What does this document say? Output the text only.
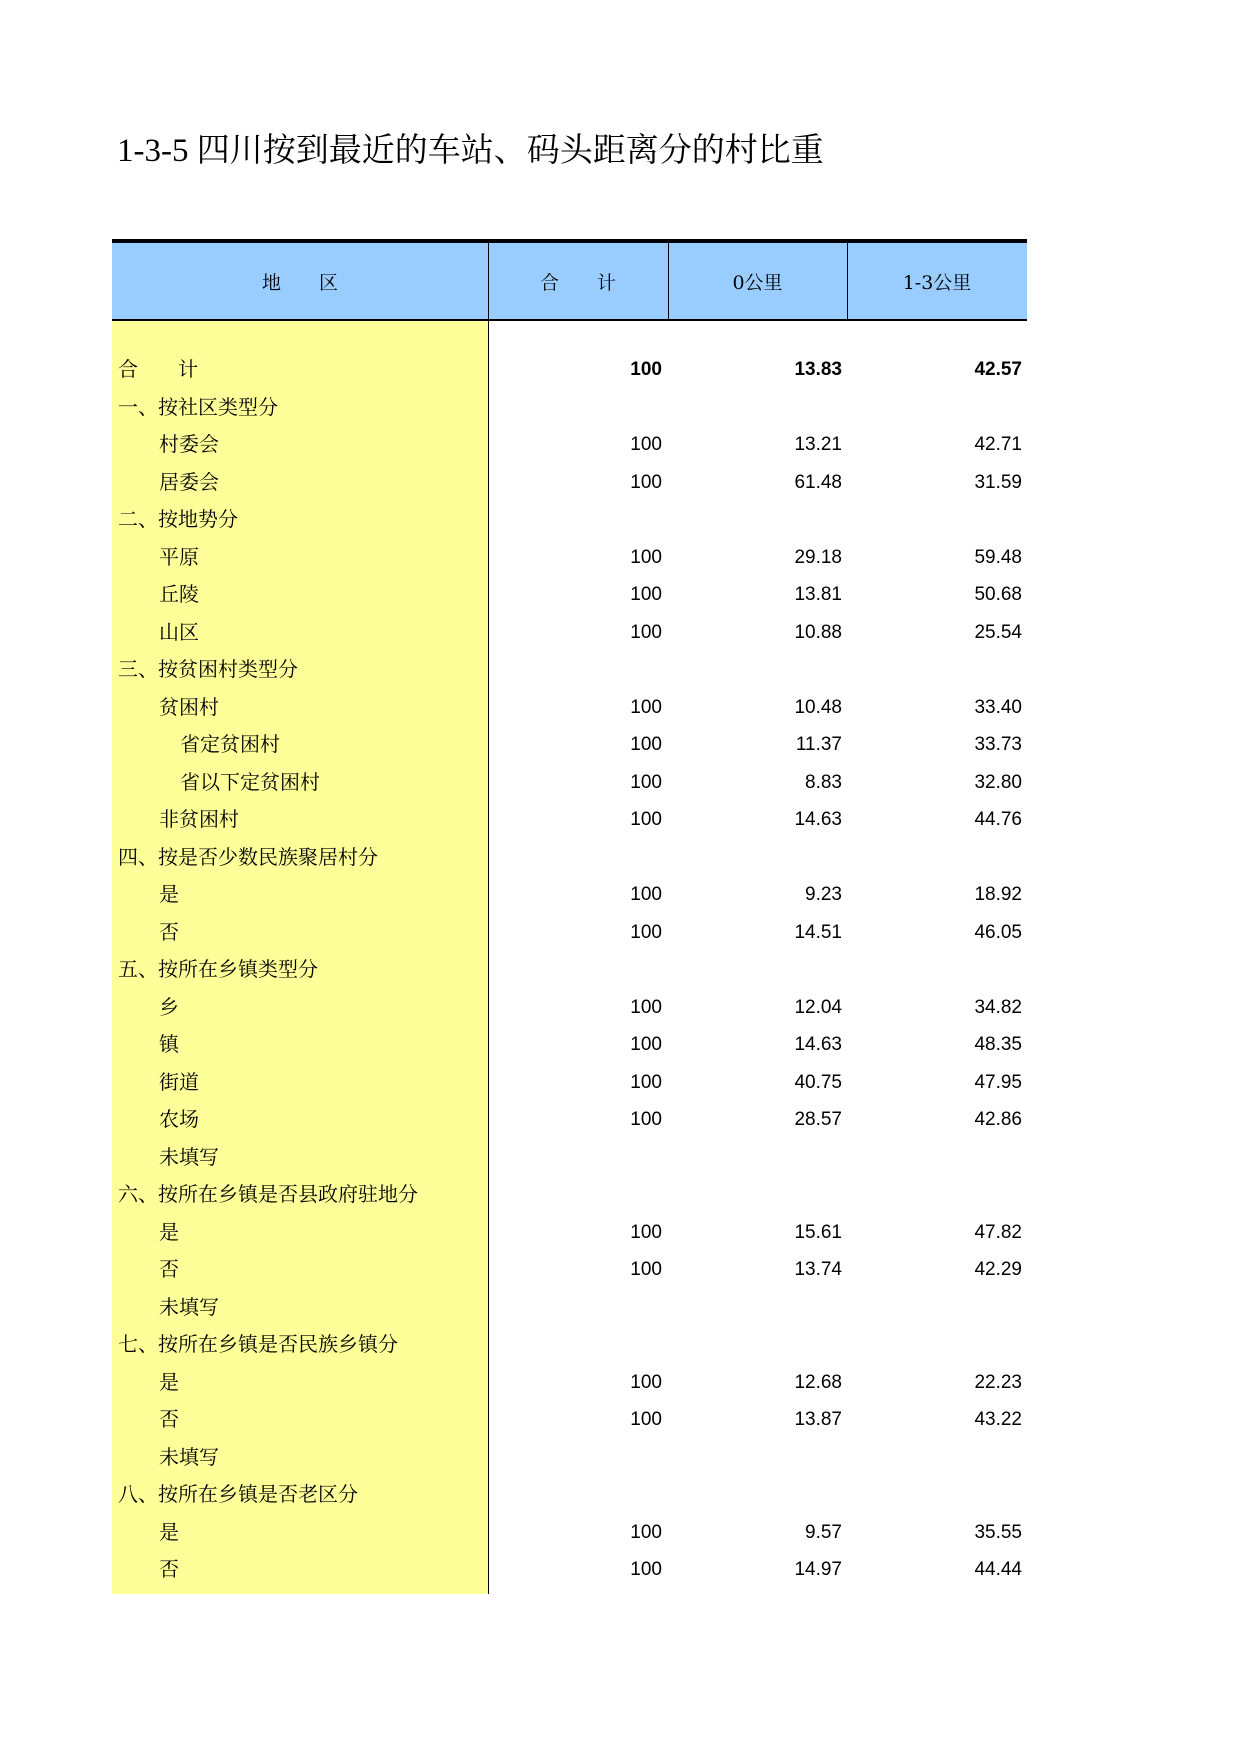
1-3-5 四川按到最近的车站、码头距离分的村比重
地　　区	合　　计	0公里	1-3公里
合　　计	100	13.83	42.57
一、按社区类型分
村委会	100	13.21	42.71
居委会	100	61.48	31.59
二、按地势分
平原	100	29.18	59.48
丘陵	100	13.81	50.68
山区	100	10.88	25.54
三、按贫困村类型分
贫困村	100	10.48	33.40
省定贫困村	100	11.37	33.73
省以下定贫困村	100	8.83	32.80
非贫困村	100	14.63	44.76
四、按是否少数民族聚居村分
是	100	9.23	18.92
否	100	14.51	46.05
五、按所在乡镇类型分
乡	100	12.04	34.82
镇	100	14.63	48.35
街道	100	40.75	47.95
农场	100	28.57	42.86
未填写
六、按所在乡镇是否县政府驻地分
是	100	15.61	47.82
否	100	13.74	42.29
未填写
七、按所在乡镇是否民族乡镇分
是	100	12.68	22.23
否	100	13.87	43.22
未填写
八、按所在乡镇是否老区分
是	100	9.57	35.55
否	100	14.97	44.44
